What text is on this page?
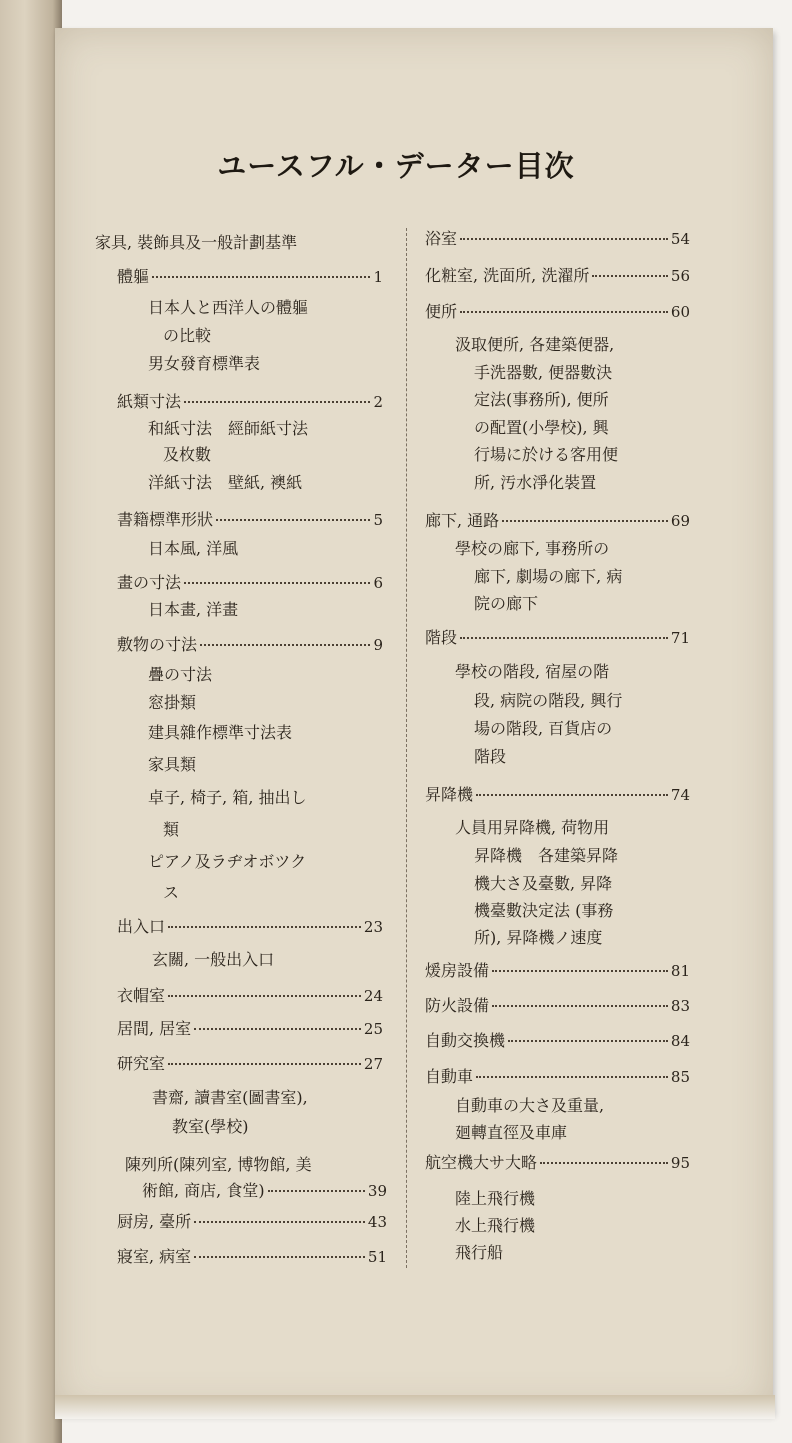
ユースフル・データー目次
家具, 裝飾具及一般計劃基準
體軀	1
日本人と西洋人の體軀
の比較
男女發育標準表
紙類寸法	2
和紙寸法　經師紙寸法
及枚數
洋紙寸法　壁紙, 襖紙
書籍標準形狀	5
日本風, 洋風
畫の寸法	6
日本畫, 洋畫
敷物の寸法	9
疊の寸法
窓掛類
建具雜作標準寸法表
家具類
卓子, 椅子, 箱, 抽出し
類
ピアノ及ラヂオボツク
ス
出入口	23
玄關, 一般出入口
衣帽室	24
居間, 居室	25
研究室	27
書齋, 讀書室(圖書室),
教室(學校)
陳列所(陳列室, 博物館, 美
術館, 商店, 食堂)	39
厨房, 臺所	43
寢室, 病室	51
浴室	54
化粧室, 洗面所, 洗濯所	56
便所	60
汲取便所, 各建築便器,
手洗器數, 便器數決
定法(事務所), 便所
の配置(小學校), 興
行場に於ける客用便
所, 汚水淨化裝置
廊下, 通路	69
學校の廊下, 事務所の
廊下, 劇場の廊下, 病
院の廊下
階段	71
學校の階段, 宿屋の階
段, 病院の階段, 興行
場の階段, 百貨店の
階段
昇降機	74
人員用昇降機, 荷物用
昇降機　各建築昇降
機大さ及臺數, 昇降
機臺數決定法 (事務
所), 昇降機ノ速度
煖房設備	81
防火設備	83
自動交換機	84
自動車	85
自動車の大さ及重量,
廻轉直徑及車庫
航空機大サ大略	95
陸上飛行機
水上飛行機
飛行船
